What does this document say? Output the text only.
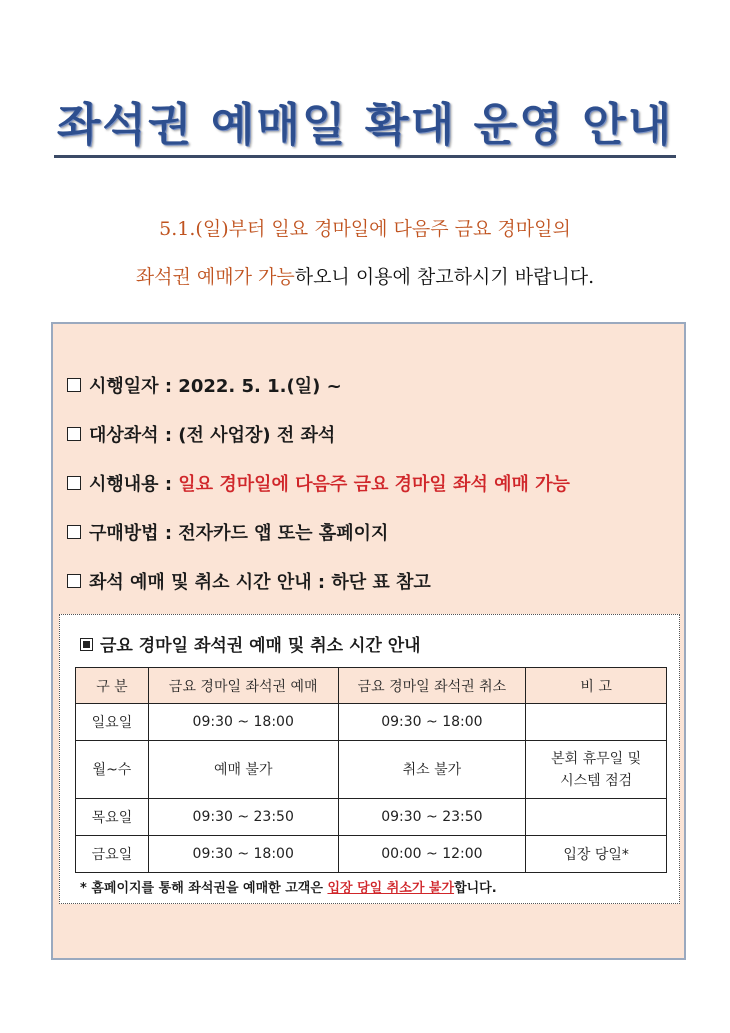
좌석권 예매일 확대 운영 안내
5.1.(일)부터 일요 경마일에 다음주 금요 경마일의
좌석권 예매가 가능하오니 이용에 참고하시기 바랍니다.
시행일자 : 2022. 5. 1.(일) ~
대상좌석 : (전 사업장) 전 좌석
시행내용 : 일요 경마일에 다음주 금요 경마일 좌석 예매 가능
구매방법 : 전자카드 앱 또는 홈페이지
좌석 예매 및 취소 시간 안내 : 하단 표 참고
금요 경마일 좌석권 예매 및 취소 시간 안내
구 분	금요 경마일 좌석권 예매	금요 경마일 좌석권 취소	비 고
일요일	09:30 ~ 18:00	09:30 ~ 18:00	
월~수	예매 불가	취소 불가	본회 휴무일 및
시스템 점검
목요일	09:30 ~ 23:50	09:30 ~ 23:50	
금요일	09:30 ~ 18:00	00:00 ~ 12:00	입장 당일*
* 홈페이지를 통해 좌석권을 예매한 고객은 입장 당일 취소가 불가합니다.
